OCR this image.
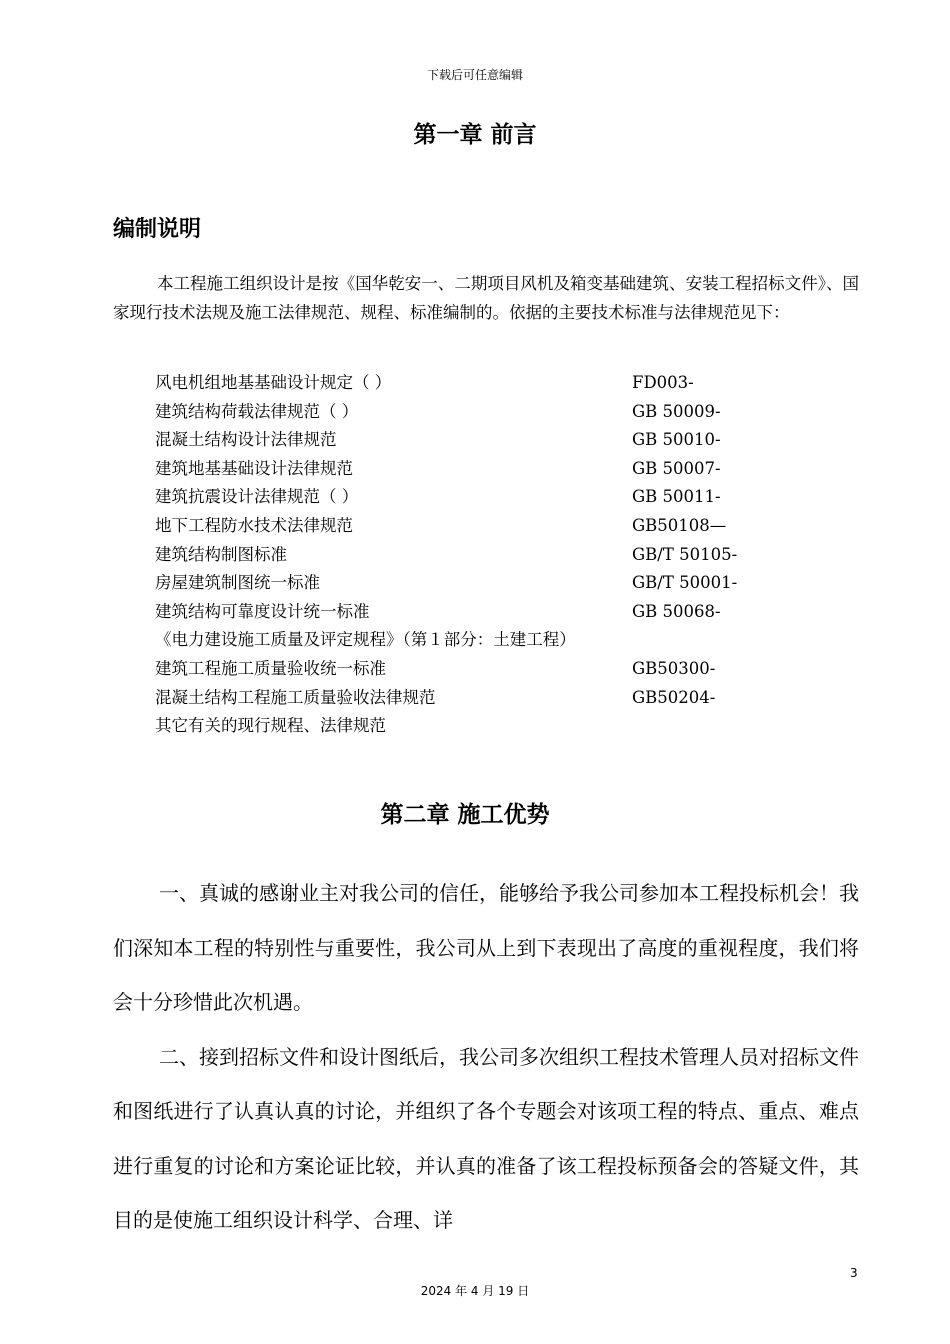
下载后可任意编辑
第一章 前言
编制说明
本工程施工组织设计是按《国华乾安一、二期项目风机及箱变基础建筑、安装工程招标文件》、国家现行技术法规及施工法律规范、规程、标准编制的。依据的主要技术标准与法律规范见下：
风电机组地基基础设计规定（ ）	FD003-
建筑结构荷载法律规范（ ）	GB 50009-
混凝土结构设计法律规范	GB 50010-
建筑地基基础设计法律规范	GB 50007-
建筑抗震设计法律规范（ ）	GB 50011-
地下工程防水技术法律规范	GB50108—
建筑结构制图标准	GB/T 50105-
房屋建筑制图统一标准	GB/T 50001-
建筑结构可靠度设计统一标准	GB 50068-
《电力建设施工质量及评定规程》（第１部分：土建工程）
建筑工程施工质量验收统一标准	GB50300-
混凝土结构工程施工质量验收法律规范	GB50204-
其它有关的现行规程、法律规范
第二章 施工优势

一、真诚的感谢业主对我公司的信任，能够给予我公司参加本工程投标机会！我们深知本工程的特别性与重要性，我公司从上到下表现出了高度的重视程度，我们将会十分珍惜此次机遇。

二、接到招标文件和设计图纸后，我公司多次组织工程技术管理人员对招标文件和图纸进行了认真认真的讨论，并组织了各个专题会对该项工程的特点、重点、难点进行重复的讨论和方案论证比较，并认真的准备了该工程投标预备会的答疑文件，其目的是使施工组织设计科学、合理、详

3
2024 年 4 月 19 日
